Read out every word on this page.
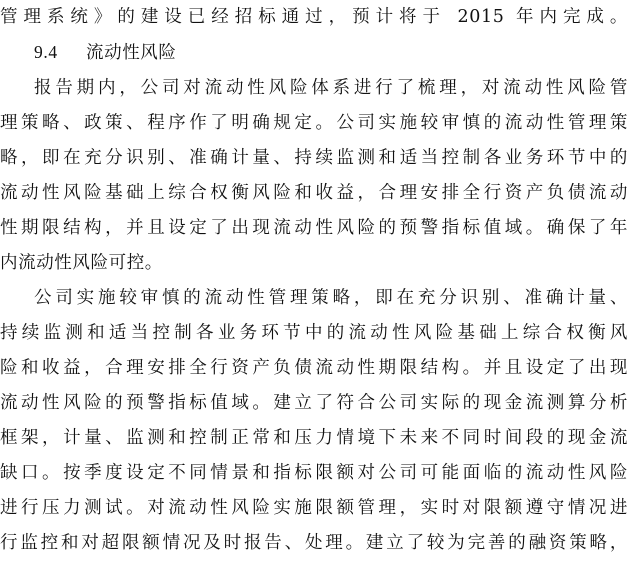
管理系统》的建设已经招标通过，预计将于 2015 年内完成。
9.4 流动性风险
报告期内，公司对流动性风险体系进行了梳理，对流动性风险管
理策略、政策、程序作了明确规定。公司实施较审慎的流动性管理策
略，即在充分识别、准确计量、持续监测和适当控制各业务环节中的
流动性风险基础上综合权衡风险和收益，合理安排全行资产负债流动
性期限结构，并且设定了出现流动性风险的预警指标值域。确保了年
内流动性风险可控。
公司实施较审慎的流动性管理策略，即在充分识别、准确计量、
持续监测和适当控制各业务环节中的流动性风险基础上综合权衡风
险和收益，合理安排全行资产负债流动性期限结构。并且设定了出现
流动性风险的预警指标值域。建立了符合公司实际的现金流测算分析
框架，计量、监测和控制正常和压力情境下未来不同时间段的现金流
缺口。按季度设定不同情景和指标限额对公司可能面临的流动性风险
进行压力测试。对流动性风险实施限额管理，实时对限额遵守情况进
行监控和对超限额情况及时报告、处理。建立了较为完善的融资策略，
